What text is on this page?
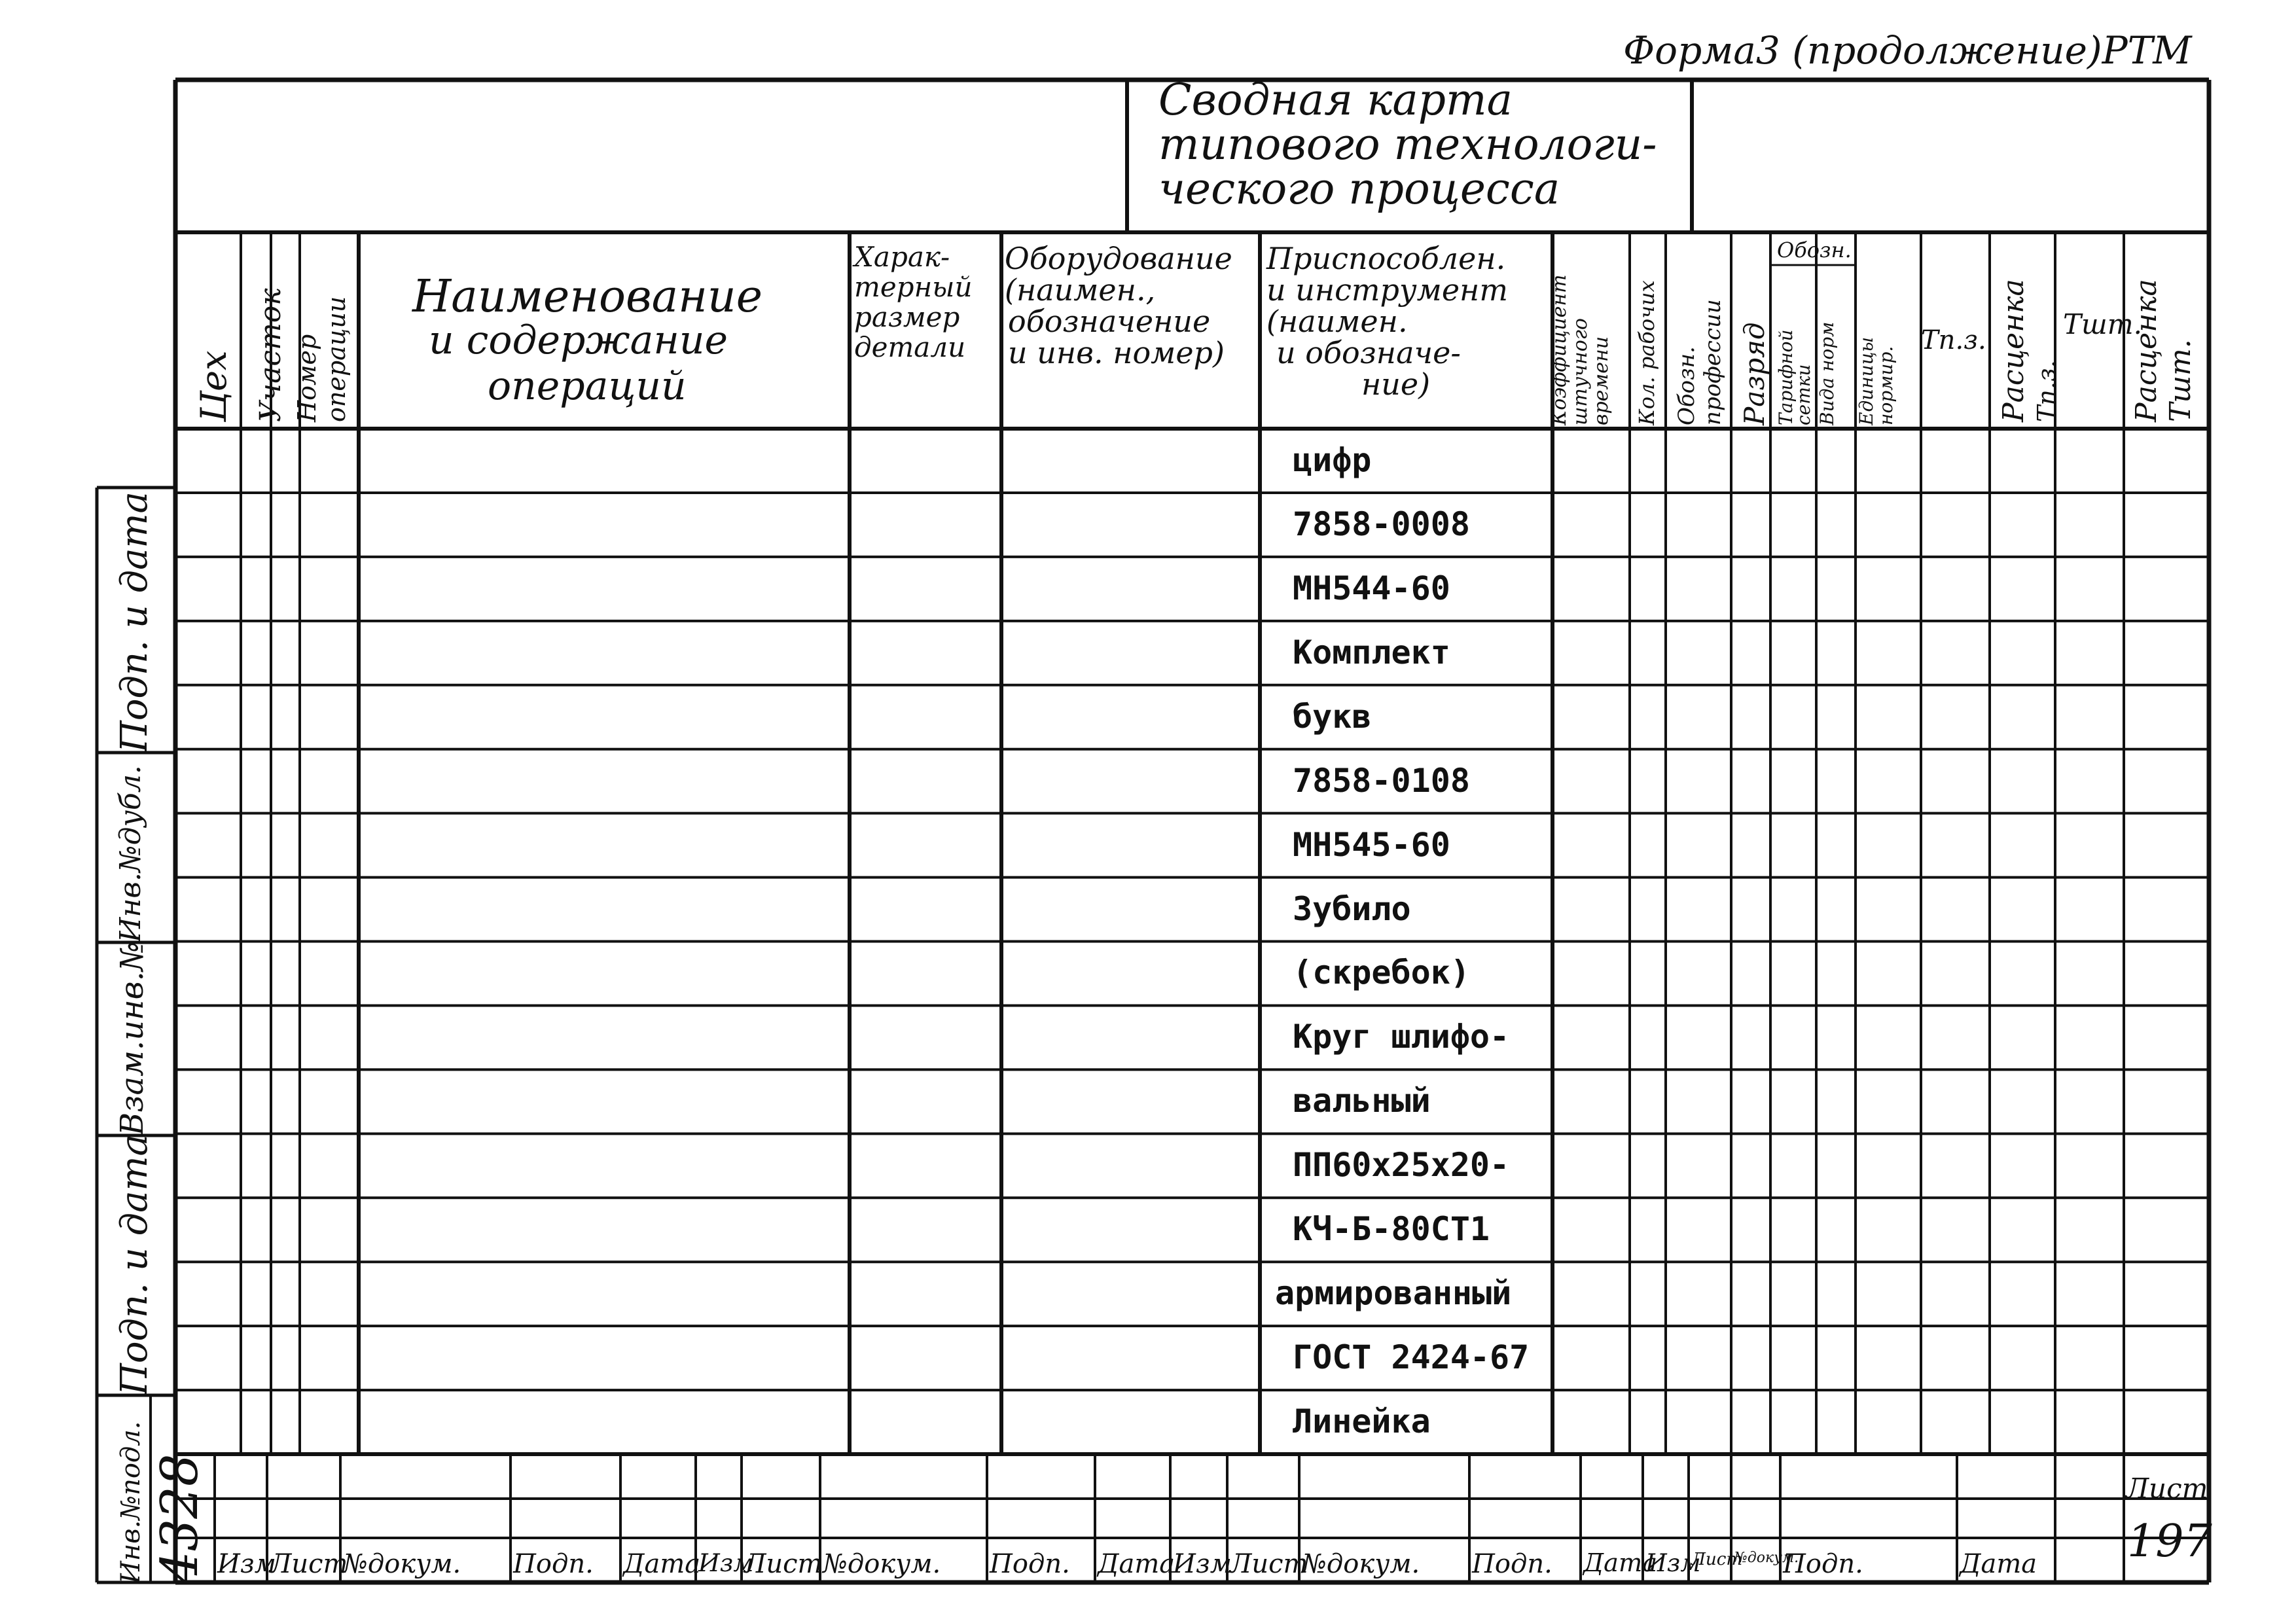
Форма3 (продолжение)РТМ
Сводная карта
типового технологи-
ческого процесса
Цех Участок Номер операции Наименование
и содержание
операций
Харак-
терный
размер
детали
Оборудование
(наимен.,
обозначение
и инв. номер)
Приспособлен.
и инструмент
(наимен.
и обозначе-
ние)	Коэффициент
штучного
времени Кол. рабочих Обозн. профессии Разряд
Обозн.
Тарифной
сетки Вида норм Единицы
нормир.
Тп.з. Расценка Тп.з.
Тшт.
Расценка Тшт.
цифр
7858-0008
МН544-60
Комплект
букв
7858-0108
МН545-60
Зубило
(скребок)
Круг шлифо-
вальный
ПП60х25х20-
КЧ-Б-80СТ1
армированный
ГОСТ 2424-67
Линейка
Инв.№подл.
Подп. и дата
Взам.инв.№
Инв.№дубл.
Подп. и дата
4328 Изм
Лист
№докум. Подп. Дата
Изм
Лист №докум. Подп. Дата
Изм
Лист
№докум. Подп. Дата
Изм
Лист
№докум.
Подп.	Дата
Лист
197
